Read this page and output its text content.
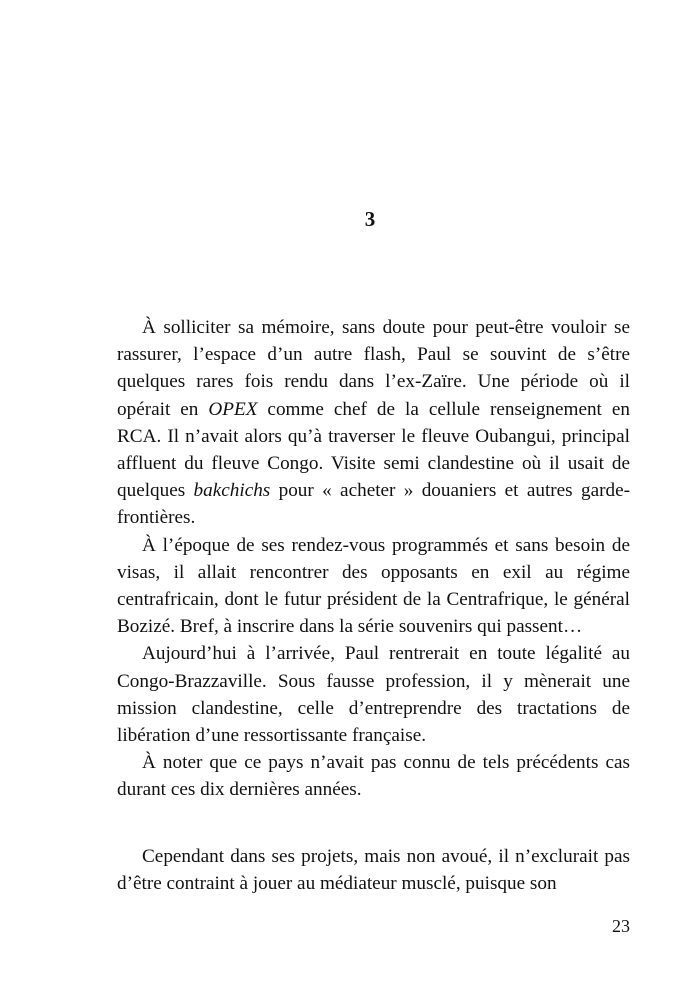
3

À solliciter sa mémoire, sans doute pour peut-être vouloir se rassurer, l’espace d’un autre flash, Paul se souvint de s’être quelques rares fois rendu dans l’ex-Zaïre. Une période où il opérait en OPEX comme chef de la cellule renseignement en RCA. Il n’avait alors qu’à traverser le fleuve Oubangui, principal affluent du fleuve Congo. Visite semi clandestine où il usait de quelques bakchichs pour « acheter » douaniers et autres garde-frontières.

À l’époque de ses rendez-vous programmés et sans besoin de visas, il allait rencontrer des opposants en exil au régime centrafricain, dont le futur président de la Centrafrique, le général Bozizé. Bref, à inscrire dans la série souvenirs qui passent…

Aujourd’hui à l’arrivée, Paul rentrerait en toute légalité au Congo-Brazzaville. Sous fausse profession, il y mènerait une mission clandestine, celle d’entreprendre des tractations de libération d’une ressortissante française.

À noter que ce pays n’avait pas connu de tels précédents cas durant ces dix dernières années.

Cependant dans ses projets, mais non avoué, il n’exclurait pas d’être contraint à jouer au médiateur musclé, puisque son

23
